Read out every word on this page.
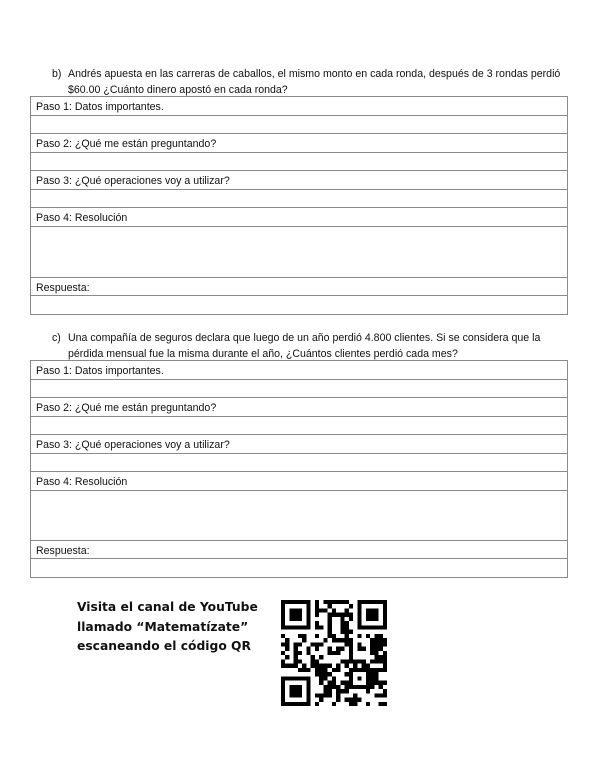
b) Andrés apuesta en las carreras de caballos, el mismo monto en cada ronda, después de 3 rondas perdió $60.00 ¿Cuánto dinero apostó en cada ronda?
Paso 1: Datos importantes.
Paso 2: ¿Qué me están preguntando?
Paso 3: ¿Qué operaciones voy a utilizar?
Paso 4: Resolución
Respuesta:
c) Una compañía de seguros declara que luego de un año perdió 4.800 clientes. Si se considera que la pérdida mensual fue la misma durante el año, ¿Cuántos clientes perdió cada mes?
Paso 1: Datos importantes.
Paso 2: ¿Qué me están preguntando?
Paso 3: ¿Qué operaciones voy a utilizar?
Paso 4: Resolución
Respuesta:
Visita el canal de YouTube
llamado “Matematízate”
escaneando el código QR
